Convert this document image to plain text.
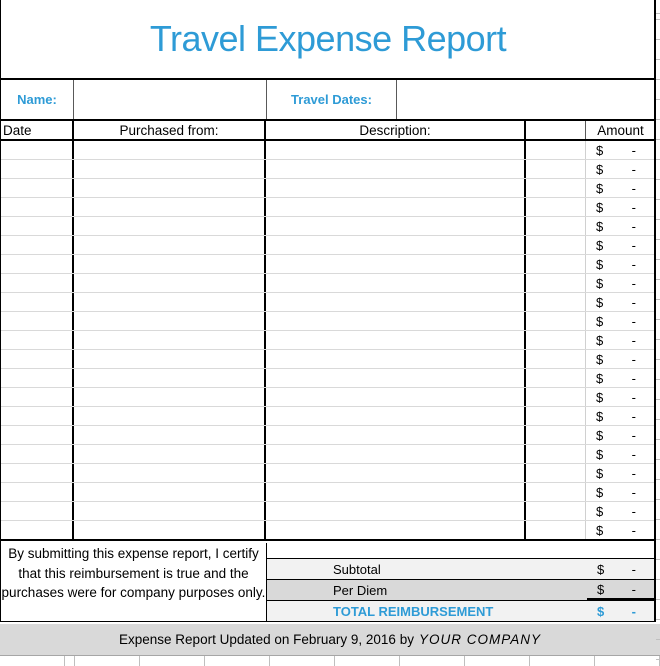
Travel Expense Report
Name:	Travel Dates:
Date	Purchased from:	Description:	Amount
$ -
$ -
$ -
$ -
$ -
$ -
$ -
$ -
$ -
$ -
$ -
$ -
$ -
$ -
$ -
$ -
$ -
$ -
$ -
$ -
$ -
By submitting this expense report, I certify that this reimbursement is true and the purchases were for company purposes only.
Subtotal	$ -
Per Diem	$ -
TOTAL REIMBURSEMENT	$ -
Expense Report Updated on February 9, 2016 by YOUR COMPANY
